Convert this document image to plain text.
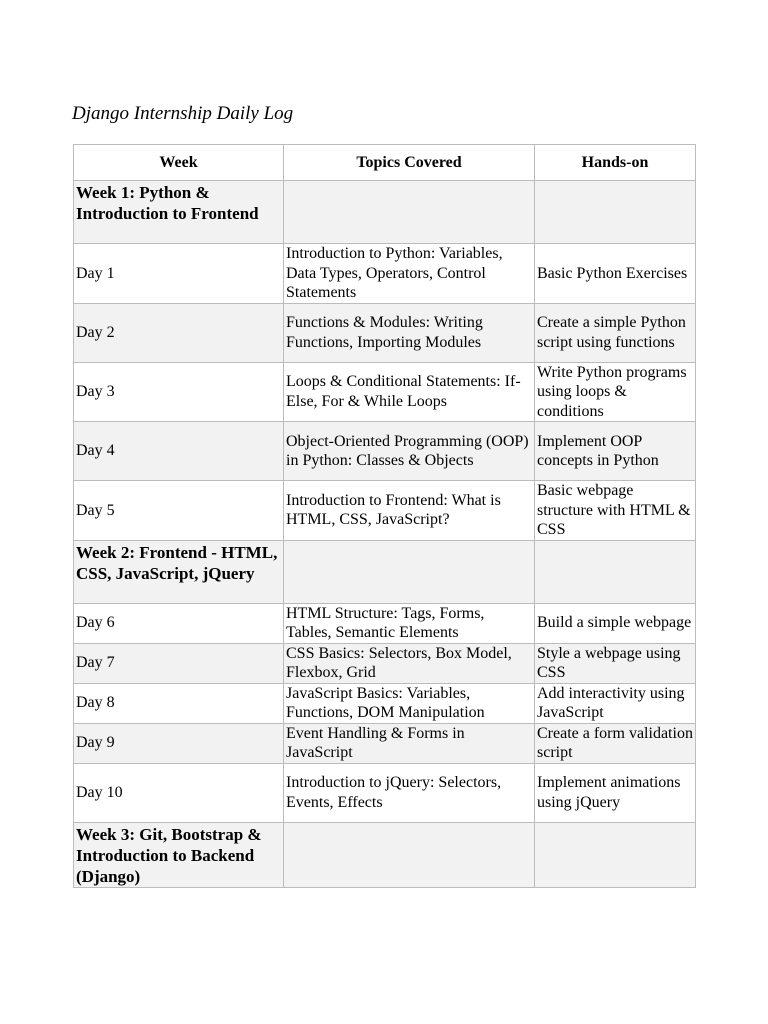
Django Internship Daily Log
Week	Topics Covered	Hands-on
Week 1: Python & Introduction to Frontend		
Day 1	Introduction to Python: Variables, Data Types, Operators, Control Statements	Basic Python Exercises
Day 2	Functions & Modules: Writing Functions, Importing Modules	Create a simple Python script using functions
Day 3	Loops & Conditional Statements: If-Else, For & While Loops	Write Python programs using loops & conditions
Day 4	Object-Oriented Programming (OOP) in Python: Classes & Objects	Implement OOP concepts in Python
Day 5	Introduction to Frontend: What is HTML, CSS, JavaScript?	Basic webpage structure with HTML & CSS
Week 2: Frontend - HTML, CSS, JavaScript, jQuery		
Day 6	HTML Structure: Tags, Forms, Tables, Semantic Elements	Build a simple webpage
Day 7	CSS Basics: Selectors, Box Model, Flexbox, Grid	Style a webpage using CSS
Day 8	JavaScript Basics: Variables, Functions, DOM Manipulation	Add interactivity using JavaScript
Day 9	Event Handling & Forms in JavaScript	Create a form validation script
Day 10	Introduction to jQuery: Selectors, Events, Effects	Implement animations using jQuery
Week 3: Git, Bootstrap & Introduction to Backend (Django)		
